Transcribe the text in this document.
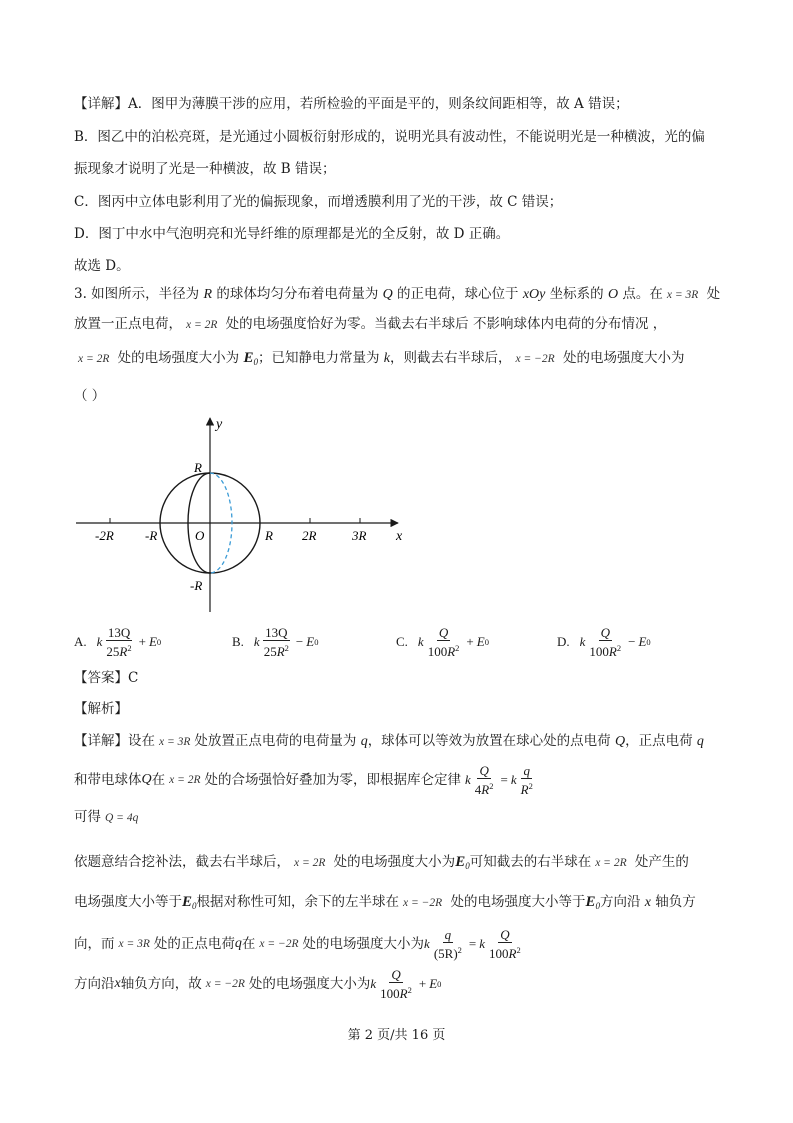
【详解】A．图甲为薄膜干涉的应用，若所检验的平面是平的，则条纹间距相等，故 A 错误；
B．图乙中的泊松亮斑，是光通过小圆板衍射形成的，说明光具有波动性，不能说明光是一种横波，光的偏
振现象才说明了光是一种横波，故 B 错误；
C．图丙中立体电影利用了光的偏振现象，而增透膜利用了光的干涉，故 C 错误；
D．图丁中水中气泡明亮和光导纤维的原理都是光的全反射，故 D 正确。
故选 D。
3. 如图所示，半径为 R 的球体均匀分布着电荷量为 Q 的正电荷，球心位于 xOy 坐标系的 O 点。在 x = 3R 处
放置一正点电荷， x = 2R 处的电场强度恰好为零。当截去右半球后 不影响球体内电荷的分布情况 ，
x = 2R 处的电场强度大小为 $E_0$；已知静电力常量为 k，则截去右半球后， x = −2R 处的电场强度大小为
（ ）
y
x
-2R -R	O	R 2R	3R
R
-R
A. k $\frac{13Q}{25R^2} + E$ 0	B. k $\frac{13Q}{25R^2} - E$ 0	C. k $\frac{Q}{100R^2} + E$ 0	D. k $\frac{Q}{100R^2} - E$ 0
【答案】C
【解析】
【详解】设在 x = 3R 处放置正点电荷的电荷量为 q，球体可以等效为放置在球心处的点电荷 Q，正点电荷 q
和带电球体 Q 在 x = 2R 处的合场强恰好叠加为零，即根据库仑定律 k $\frac{Q}{4R^2} = k \frac{q}{R^2}$
可得 Q = 4q
依题意结合挖补法，截去右半球后， x = 2R 处的电场强度大小为$E_0$可知截去的右半球在 x = 2R 处产生的
电场强度大小等于$E_0$根据对称性可知，余下的左半球在 x = −2R 处的电场强度大小等于$E_0$方向沿 x 轴负方
向，而 x = 3R 处的正点电荷 q 在 x = −2R 处的电场强度大小为 k $\frac{q}{(5R)^2} = k \frac{Q}{100R^2}$
方向沿 x 轴负方向，故 x = −2R 处的电场强度大小为 k $\frac{Q}{100R^2} + E$ 0
第 2 页/共 16 页
